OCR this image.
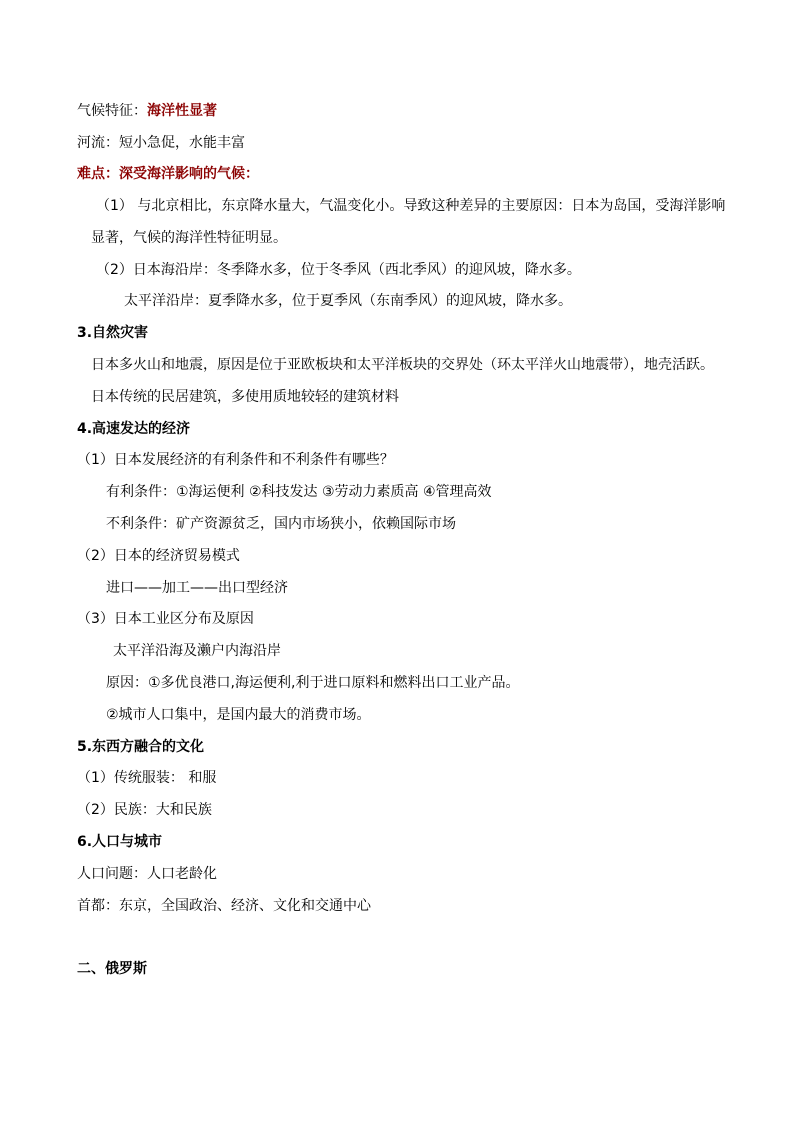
气候特征：海洋性显著
河流：短小急促，水能丰富
难点：深受海洋影响的气候：
（1） 与北京相比，东京降水量大，气温变化小。导致这种差异的主要原因：日本为岛国，受海洋影响
显著，气候的海洋性特征明显。
（2）日本海沿岸：冬季降水多，位于冬季风（西北季风）的迎风坡，降水多。
太平洋沿岸：夏季降水多，位于夏季风（东南季风）的迎风坡，降水多。
3.自然灾害
日本多火山和地震，原因是位于亚欧板块和太平洋板块的交界处（环太平洋火山地震带），地壳活跃。
日本传统的民居建筑，多使用质地较轻的建筑材料
4.高速发达的经济
（1）日本发展经济的有利条件和不利条件有哪些？
有利条件：①海运便利 ②科技发达 ③劳动力素质高 ④管理高效
不利条件：矿产资源贫乏，国内市场狭小，依赖国际市场
（2）日本的经济贸易模式
进口——加工——出口型经济
（3）日本工业区分布及原因
太平洋沿海及濑户内海沿岸
原因：①多优良港口,海运便利,利于进口原料和燃料出口工业产品。
②城市人口集中，是国内最大的消费市场。
5.东西方融合的文化
（1）传统服装： 和服
（2）民族：大和民族
6.人口与城市
人口问题：人口老龄化
首都：东京，全国政治、经济、文化和交通中心
二、俄罗斯
